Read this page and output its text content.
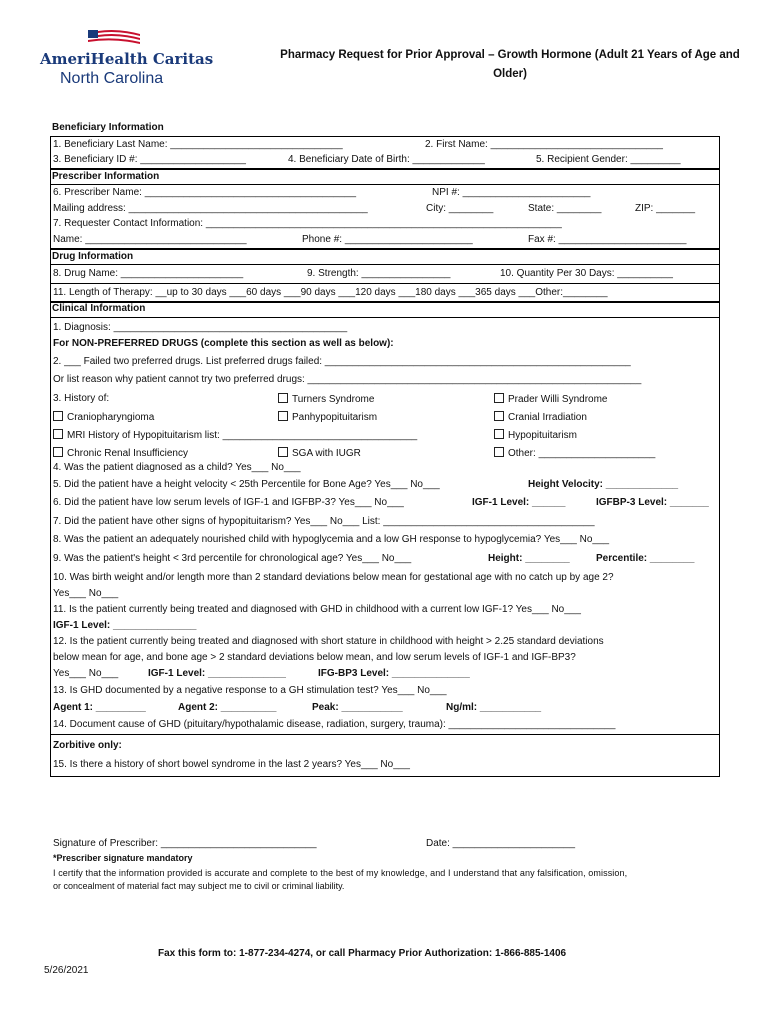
AmeriHealth Caritas
North Carolina
Pharmacy Request for Prior Approval – Growth Hormone (Adult 21 Years of Age and Older)
Beneficiary Information
1. Beneficiary Last Name: _______________________________	2. First Name: _______________________________
3. Beneficiary ID #: ___________________	4. Beneficiary Date of Birth: _____________	5. Recipient Gender: _________
Prescriber Information
6. Prescriber Name: ______________________________________	NPI #: _______________________
Mailing address: ___________________________________________	City: ________	State: ________	ZIP: _______
7. Requester Contact Information: ________________________________________________________________
Name: _____________________________	Phone #: _______________________	Fax #: _______________________
Drug Information
8. Drug Name: ______________________	9. Strength: ________________	10. Quantity Per 30 Days: __________
11. Length of Therapy: __up to 30 days ___60 days ___90 days ___120 days ___180 days ___365 days ___Other:________
Clinical Information
1. Diagnosis: __________________________________________
For NON-PREFERRED DRUGS (complete this section as well as below):
2. ___ Failed two preferred drugs. List preferred drugs failed: _______________________________________________________
Or list reason why patient cannot try two preferred drugs: ____________________________________________________________
3. History of:	Turners Syndrome	Prader Willi Syndrome
Craniopharyngioma	Panhypopituitarism	Cranial Irradiation
MRI History of Hypopituitarism list: ___________________________________	Hypopituitarism
Chronic Renal Insufficiency	SGA with IUGR	Other: _____________________
4. Was the patient diagnosed as a child? Yes___ No___
5. Did the patient have a height velocity < 25th Percentile for Bone Age? Yes___ No___	Height Velocity: _____________
6. Did the patient have low serum levels of IGF-1 and IGFBP-3? Yes___ No___	IGF-1 Level: ______	IGFBP-3 Level: _______
7. Did the patient have other signs of hypopituitarism? Yes___ No___ List: ______________________________________
8. Was the patient an adequately nourished child with hypoglycemia and a low GH response to hypoglycemia? Yes___ No___
9. Was the patient's height < 3rd percentile for chronological age? Yes___ No___	Height: ________	Percentile: ________
10. Was birth weight and/or length more than 2 standard deviations below mean for gestational age with no catch up by age 2?
Yes___ No___
11. Is the patient currently being treated and diagnosed with GHD in childhood with a current low IGF-1? Yes___ No___
IGF-1 Level: _______________
12. Is the patient currently being treated and diagnosed with short stature in childhood with height > 2.25 standard deviations
below mean for age, and bone age > 2 standard deviations below mean, and low serum levels of IGF-1 and IGF-BP3?
Yes___ No___	IGF-1 Level: ______________	IFG-BP3 Level: ______________
13. Is GHD documented by a negative response to a GH stimulation test? Yes___ No___
Agent 1: _________	Agent 2: __________	Peak: ___________	Ng/ml: ___________
14. Document cause of GHD (pituitary/hypothalamic disease, radiation, surgery, trauma): ______________________________
Zorbitive only:
15. Is there a history of short bowel syndrome in the last 2 years? Yes___ No___
Signature of Prescriber: ____________________________	Date: ______________________
*Prescriber signature mandatory
I certify that the information provided is accurate and complete to the best of my knowledge, and I understand that any falsification, omission,
or concealment of material fact may subject me to civil or criminal liability.
Fax this form to: 1-877-234-4274, or call Pharmacy Prior Authorization: 1-866-885-1406
5/26/2021
